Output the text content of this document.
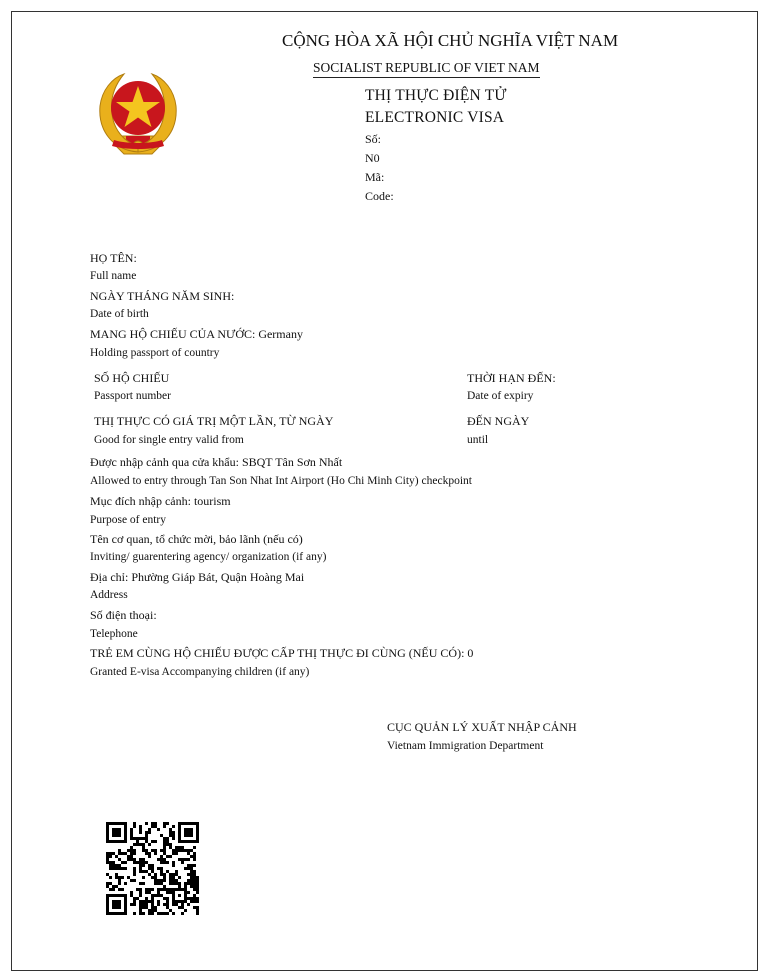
CỘNG HÒA XÃ HỘI CHỦ NGHĨA VIỆT NAM
SOCIALIST REPUBLIC OF VIET NAM
THỊ THỰC ĐIỆN TỬ
ELECTRONIC VISA
Số:
N0
Mã:
Code:
HỌ TÊN:
Full name
NGÀY THÁNG NĂM SINH:
Date of birth
MANG HỘ CHIẾU CỦA NƯỚC: Germany
Holding passport of country
SỐ HỘ CHIẾU
Passport number
THỜI HẠN ĐẾN:
Date of expiry
THỊ THỰC CÓ GIÁ TRỊ MỘT LẦN, TỪ NGÀY
Good for single entry valid from
ĐẾN NGÀY
until
Được nhập cảnh qua cửa khẩu: SBQT Tân Sơn Nhất
Allowed to entry through Tan Son Nhat Int Airport (Ho Chi Minh City) checkpoint
Mục đích nhập cảnh: tourism
Purpose of entry
Tên cơ quan, tổ chức mời, bảo lãnh (nếu có)
Inviting/ guarentering agency/ organization (if any)
Địa chỉ: Phường Giáp Bát, Quận Hoàng Mai
Address
Số điện thoại:
Telephone
TRẺ EM CÙNG HỘ CHIẾU ĐƯỢC CẤP THỊ THỰC ĐI CÙNG (NẾU CÓ): 0
Granted E-visa Accompanying children (if any)
CỤC QUẢN LÝ XUẤT NHẬP CẢNH
Vietnam Immigration Department
